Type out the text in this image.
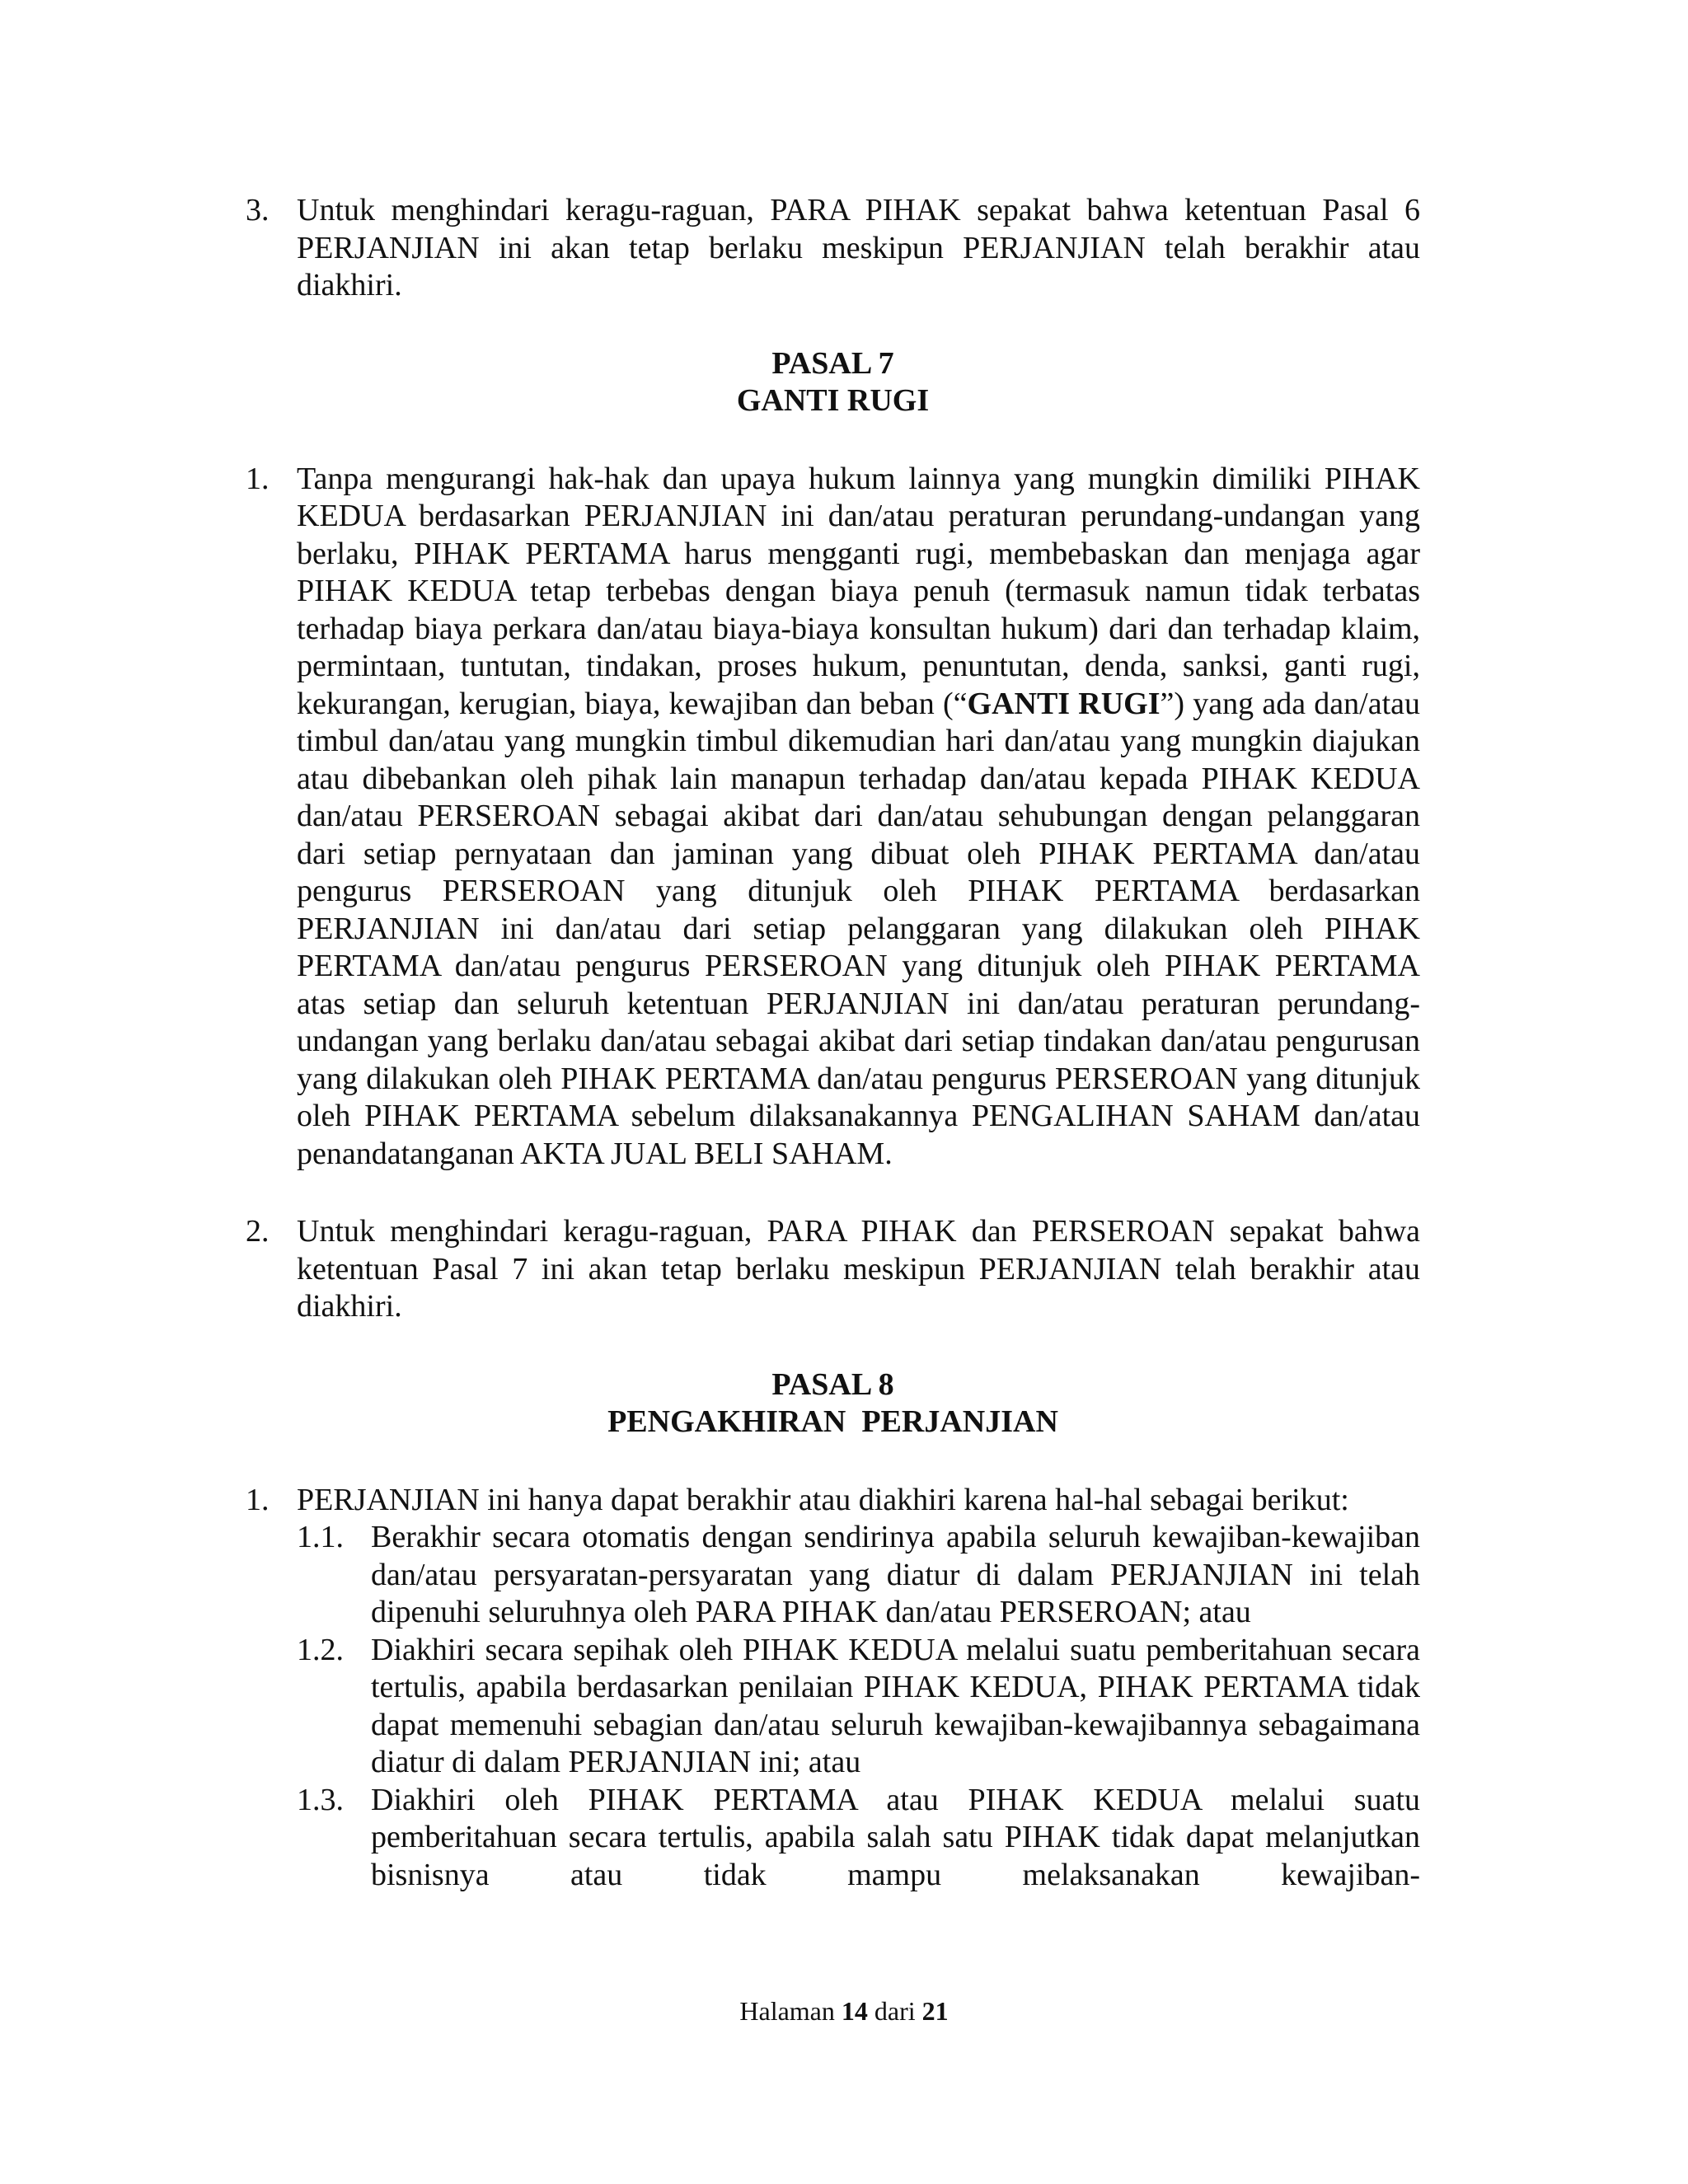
3. Untuk menghindari keragu-raguan, PARA PIHAK sepakat bahwa ketentuan Pasal 6 PERJANJIAN ini akan tetap berlaku meskipun PERJANJIAN telah berakhir atau diakhiri.
PASAL 7
GANTI RUGI
1. Tanpa mengurangi hak-hak dan upaya hukum lainnya yang mungkin dimiliki PIHAK KEDUA berdasarkan PERJANJIAN ini dan/atau peraturan perundang-undangan yang berlaku, PIHAK PERTAMA harus mengganti rugi, membebaskan dan menjaga agar PIHAK KEDUA tetap terbebas dengan biaya penuh (termasuk namun tidak terbatas terhadap biaya perkara dan/atau biaya-biaya konsultan hukum) dari dan terhadap klaim, permintaan, tuntutan, tindakan, proses hukum, penuntutan, denda, sanksi, ganti rugi, kekurangan, kerugian, biaya, kewajiban dan beban (“GANTI RUGI”) yang ada dan/atau timbul dan/atau yang mungkin timbul dikemudian hari dan/atau yang mungkin diajukan atau dibebankan oleh pihak lain manapun terhadap dan/atau kepada PIHAK KEDUA dan/atau PERSEROAN sebagai akibat dari dan/atau sehubungan dengan pelanggaran dari setiap pernyataan dan jaminan yang dibuat oleh PIHAK PERTAMA dan/atau pengurus PERSEROAN yang ditunjuk oleh PIHAK PERTAMA berdasarkan PERJANJIAN ini dan/atau dari setiap pelanggaran yang dilakukan oleh PIHAK PERTAMA dan/atau pengurus PERSEROAN yang ditunjuk oleh PIHAK PERTAMA atas setiap dan seluruh ketentuan PERJANJIAN ini dan/atau peraturan perundang-undangan yang berlaku dan/atau sebagai akibat dari setiap tindakan dan/atau pengurusan yang dilakukan oleh PIHAK PERTAMA dan/atau pengurus PERSEROAN yang ditunjuk oleh PIHAK PERTAMA sebelum dilaksanakannya PENGALIHAN SAHAM dan/atau penandatanganan AKTA JUAL BELI SAHAM.
2. Untuk menghindari keragu-raguan, PARA PIHAK dan PERSEROAN sepakat bahwa ketentuan Pasal 7 ini akan tetap berlaku meskipun PERJANJIAN telah berakhir atau diakhiri.
PASAL 8
PENGAKHIRAN  PERJANJIAN
1. PERJANJIAN ini hanya dapat berakhir atau diakhiri karena hal-hal sebagai berikut:
1.1. Berakhir secara otomatis dengan sendirinya apabila seluruh kewajiban-kewajiban dan/atau persyaratan-persyaratan yang diatur di dalam PERJANJIAN ini telah dipenuhi seluruhnya oleh PARA PIHAK dan/atau PERSEROAN; atau
1.2. Diakhiri secara sepihak oleh PIHAK KEDUA melalui suatu pemberitahuan secara tertulis, apabila berdasarkan penilaian PIHAK KEDUA, PIHAK PERTAMA tidak dapat memenuhi sebagian dan/atau seluruh kewajiban-kewajibannya sebagaimana diatur di dalam PERJANJIAN ini; atau
1.3. Diakhiri oleh PIHAK PERTAMA atau PIHAK KEDUA melalui suatu pemberitahuan secara tertulis, apabila salah satu PIHAK tidak dapat melanjutkan bisnisnya atau tidak mampu melaksanakan kewajiban-
Halaman 14 dari 21
